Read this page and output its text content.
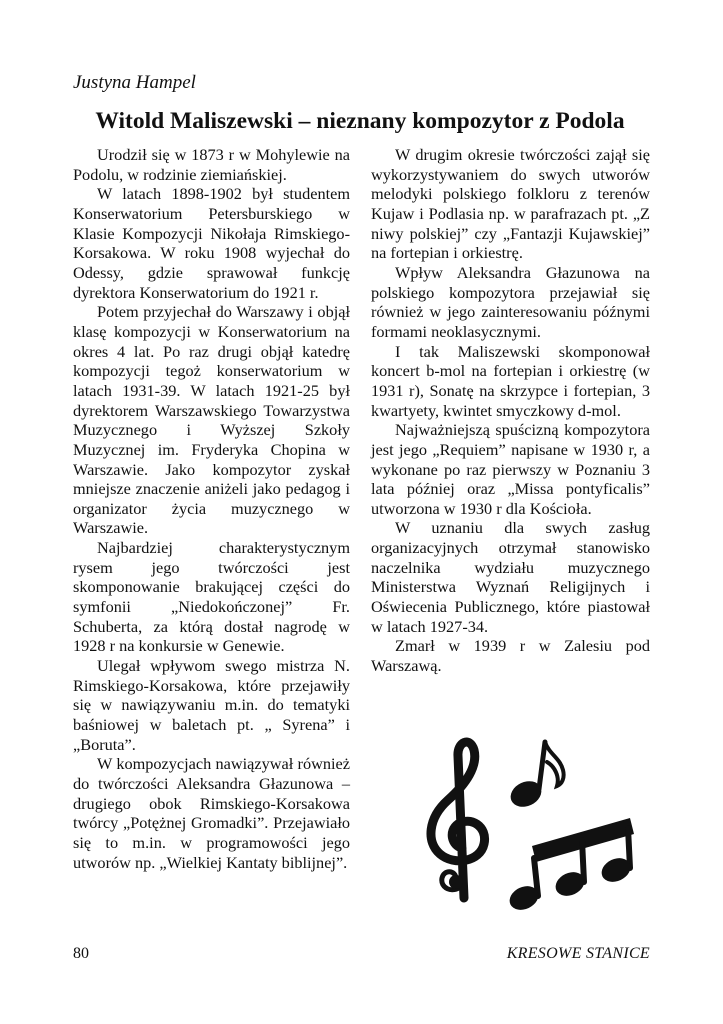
Justyna Hampel
Witold Maliszewski – nieznany kompozytor z Podola

Urodził się w 1873 r w Mohylewie na Podolu, w rodzinie ziemiańskiej.

W latach 1898-1902 był studentem Konserwatorium Petersburskiego w Klasie Kompozycji Nikołaja Rimskiego-Korsakowa. W roku 1908 wyjechał do Odessy, gdzie sprawował funkcję dyrektora Konserwatorium do 1921 r.

Potem przyjechał do Warszawy i objął klasę kompozycji w Konserwatorium na okres 4 lat. Po raz drugi objął katedrę kompozycji tegoż konserwatorium w latach 1931-39. W latach 1921-25 był dyrektorem Warszawskiego Towarzystwa Muzycznego i Wyższej Szkoły Muzycznej im. Fryderyka Chopina w Warszawie. Jako kompozytor zyskał mniejsze znaczenie aniżeli jako pedagog i organizator życia muzycznego w Warszawie.

Najbardziej charakterystycznym rysem jego twórczości jest skomponowanie brakującej części do symfonii „Niedokończonej” Fr. Schuberta, za którą dostał nagrodę w 1928 r na konkursie w Genewie.

Ulegał wpływom swego mistrza N. Rimskiego-Korsakowa, które przejawiły się w nawiązywaniu m.in. do tematyki baśniowej w baletach pt. „ Syrena” i „Boruta”.

W kompozycjach nawiązywał również do twórczości Aleksandra Głazunowa – drugiego obok Rimskiego-Korsakowa twórcy „Potężnej Gromadki”. Przejawiało się to m.in. w programowości jego utworów np. „Wielkiej Kantaty biblijnej”.

W drugim okresie twórczości zajął się wykorzystywaniem do swych utworów melodyki polskiego folkloru z terenów Kujaw i Podlasia np. w parafrazach pt. „Z niwy polskiej” czy „Fantazji Kujawskiej” na fortepian i orkiestrę.

Wpływ Aleksandra Głazunowa na polskiego kompozytora przejawiał się również w jego zainteresowaniu późnymi formami neoklasycznymi.

I tak Maliszewski skomponował koncert b-mol na fortepian i orkiestrę (w 1931 r), Sonatę na skrzypce i fortepian, 3 kwartyety, kwintet smyczkowy d-mol.

Najważniejszą spuścizną kompozytora jest jego „Requiem” napisane w 1930 r, a wykonane po raz pierwszy w Poznaniu 3 lata później oraz „Missa pontyficalis” utworzona w 1930 r dla Kościoła.

W uznaniu dla swych zasług organizacyjnych otrzymał stanowisko naczelnika wydziału muzycznego Ministerstwa Wyznań Religijnych i Oświecenia Publicznego, które piastował w latach 1927-34.

Zmarł w 1939 r w Zalesiu pod Warszawą.

80	KRESOWE STANICE
